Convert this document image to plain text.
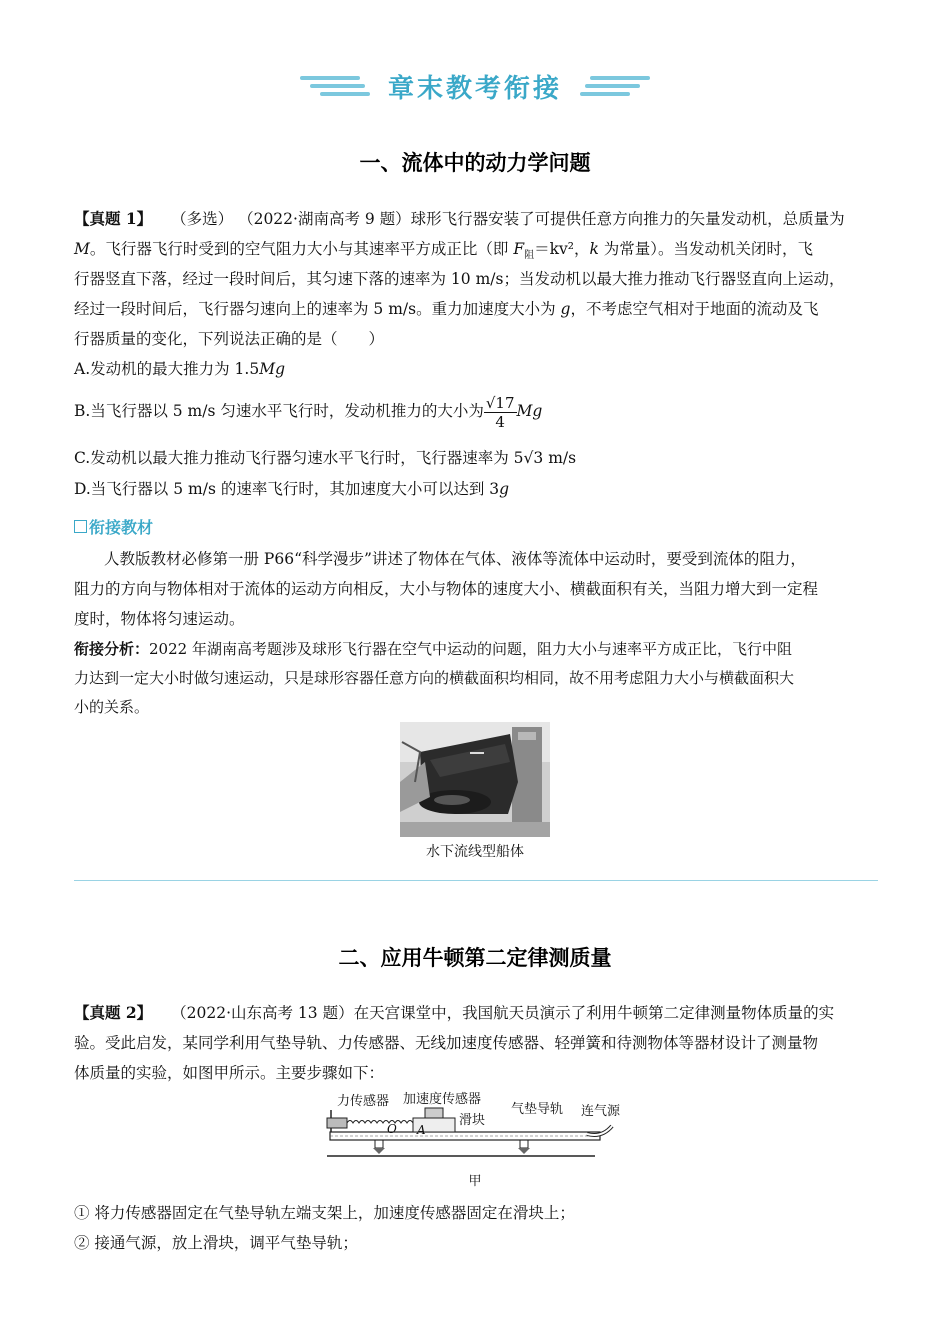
章末教考衔接
一、流体中的动力学问题
【真题 1】 （多选） （2022·湖南高考 9 题）球形飞行器安装了可提供任意方向推力的矢量发动机，总质量为
M。飞行器飞行时受到的空气阻力大小与其速率平方成正比（即 $F_阻=kv^2$，k 为常量）。当发动机关闭时，飞
行器竖直下落，经过一段时间后，其匀速下落的速率为 10 m/s；当发动机以最大推力推动飞行器竖直向上运动，
经过一段时间后，飞行器匀速向上的速率为 5 m/s。重力加速度大小为 g，不考虑空气相对于地面的流动及飞
行器质量的变化，下列说法正确的是（　　）
A.发动机的最大推力为 1.5Mg
B.当飞行器以 5 m/s 匀速水平飞行时，发动机推力的大小为 $\frac{√17}{4}$ Mg
C.发动机以最大推力推动飞行器匀速水平飞行时，飞行器速率为 5√3 m/s
D.当飞行器以 5 m/s 的速率飞行时，其加速度大小可以达到 3g
衔接教材
人教版教材必修第一册 P66“科学漫步”讲述了物体在气体、液体等流体中运动时，要受到流体的阻力，
阻力的方向与物体相对于流体的运动方向相反，大小与物体的速度大小、横截面积有关，当阻力增大到一定程
度时，物体将匀速运动。
衔接分析：2022 年湖南高考题涉及球形飞行器在空气中运动的问题，阻力大小与速率平方成正比，飞行中阻
力达到一定大小时做匀速运动，只是球形容器任意方向的横截面积均相同，故不用考虑阻力大小与横截面积大
小的关系。
水下流线型船体
二、应用牛顿第二定律测质量
【真题 2】 （2022·山东高考 13 题）在天宫课堂中，我国航天员演示了利用牛顿第二定律测量物体质量的实
验。受此启发，某同学利用气垫导轨、力传感器、无线加速度传感器、轻弹簧和待测物体等器材设计了测量物
体质量的实验，如图甲所示。主要步骤如下：
力传感器 加速度传感器
滑块
气垫导轨 连气源
O A
甲
① 将力传感器固定在气垫导轨左端支架上，加速度传感器固定在滑块上；
② 接通气源，放上滑块，调平气垫导轨；
